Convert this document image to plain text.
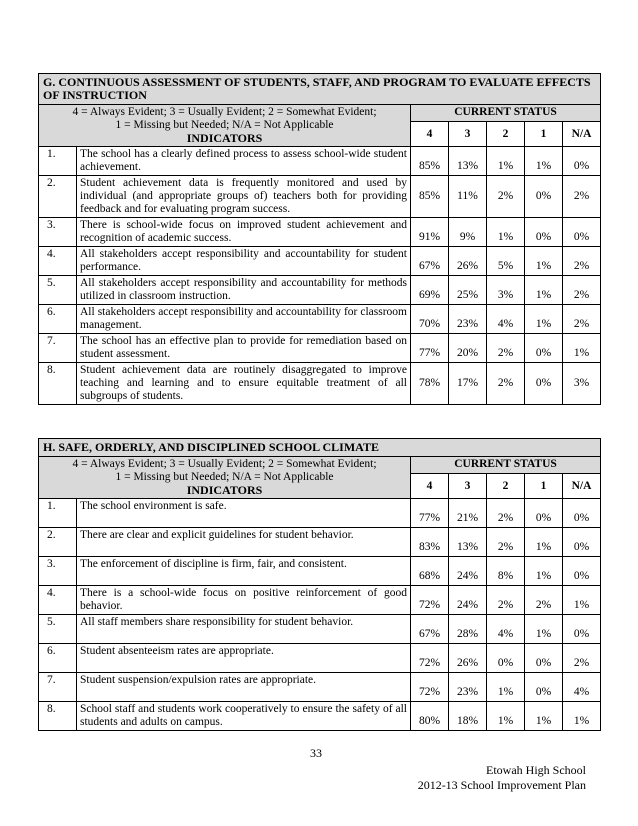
G. CONTINUOUS ASSESSMENT OF STUDENTS, STAFF, AND PROGRAM TO EVALUATE EFFECTS OF INSTRUCTION						
4 = Always Evident; 3 = Usually Evident; 2 = Somewhat Evident;
1 = Missing but Needed; N/A = Not Applicable
INDICATORS		CURRENT STATUS				
		4	3	2	1	N/A
1.	The school has a clearly defined process to assess school-wide student achievement.	85%	13%	1%	1%	0%
2.	Student achievement data is frequently monitored and used by individual (and appropriate groups of) teachers both for providing feedback and for evaluating program success.	85%	11%	2%	0%	2%
3.	There is school-wide focus on improved student achievement and recognition of academic success.	91%	9%	1%	0%	0%
4.	All stakeholders accept responsibility and accountability for student performance.	67%	26%	5%	1%	2%
5.	All stakeholders accept responsibility and accountability for methods utilized in classroom instruction.	69%	25%	3%	1%	2%
6.	All stakeholders accept responsibility and accountability for classroom management.	70%	23%	4%	1%	2%
7.	The school has an effective plan to provide for remediation based on student assessment.	77%	20%	2%	0%	1%
8.	Student achievement data are routinely disaggregated to improve teaching and learning and to ensure equitable treatment of all subgroups of students.	78%	17%	2%	0%	3%
H. SAFE, ORDERLY, AND DISCIPLINED SCHOOL CLIMATE						
4 = Always Evident; 3 = Usually Evident; 2 = Somewhat Evident;
1 = Missing but Needed; N/A = Not Applicable
INDICATORS		CURRENT STATUS				
		4	3	2	1	N/A
1.	The school environment is safe.	77%	21%	2%	0%	0%
2.	There are clear and explicit guidelines for student behavior.	83%	13%	2%	1%	0%
3.	The enforcement of discipline is firm, fair, and consistent.	68%	24%	8%	1%	0%
4.	There is a school-wide focus on positive reinforcement of good behavior.	72%	24%	2%	2%	1%
5.	All staff members share responsibility for student behavior.	67%	28%	4%	1%	0%
6.	Student absenteeism rates are appropriate.	72%	26%	0%	0%	2%
7.	Student suspension/expulsion rates are appropriate.	72%	23%	1%	0%	4%
8.	School staff and students work cooperatively to ensure the safety of all students and adults on campus.	80%	18%	1%	1%	1%
33
Etowah High School
2012-13 School Improvement Plan
